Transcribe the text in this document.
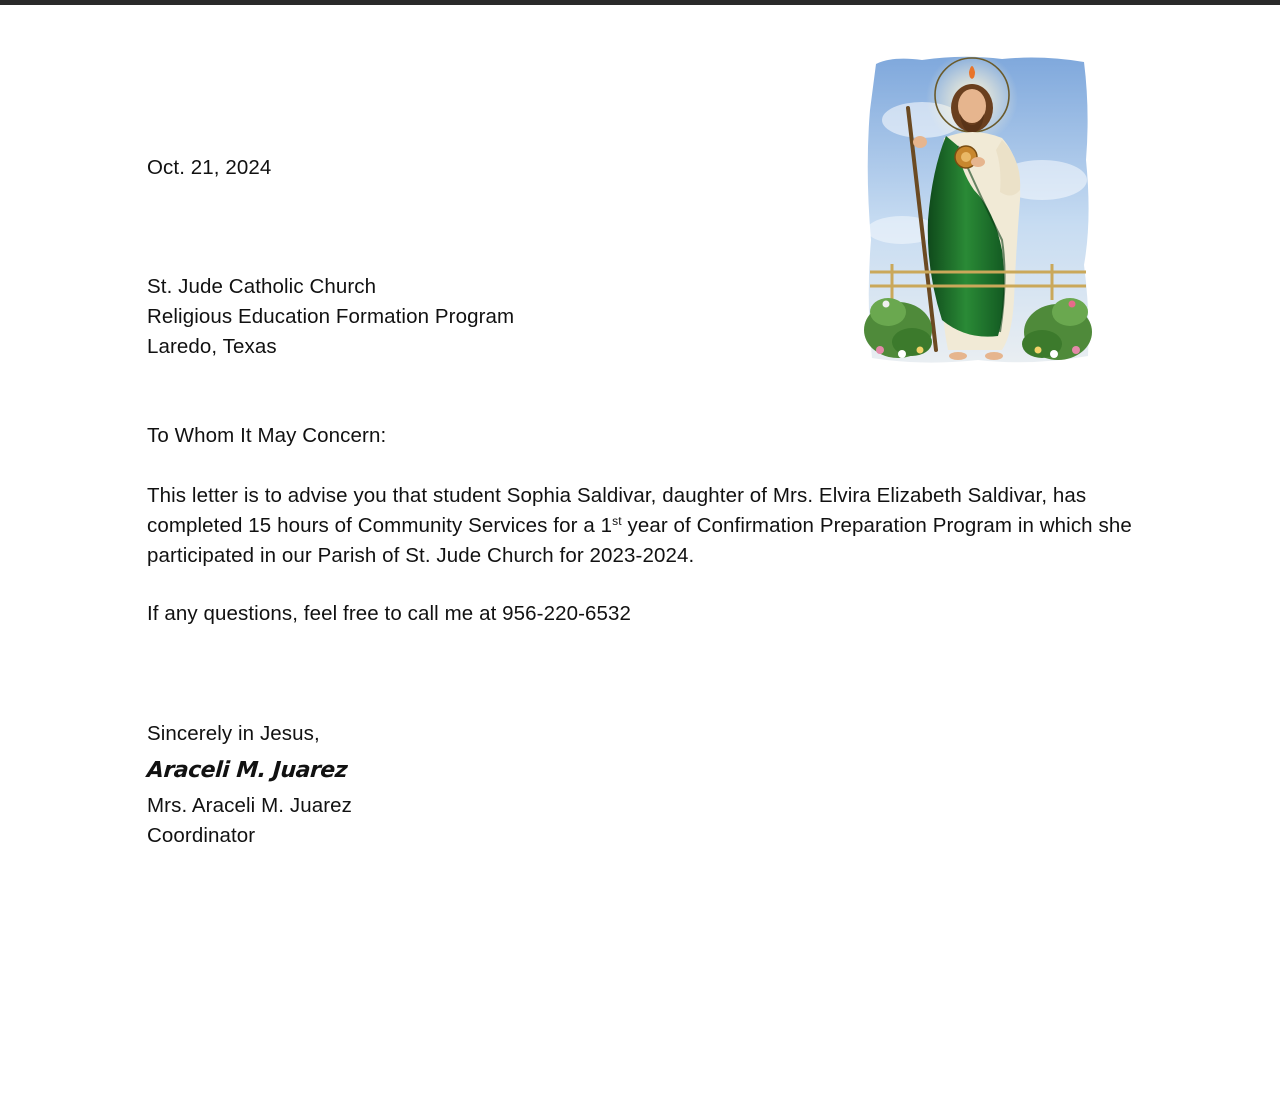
Oct. 21, 2024
St. Jude Catholic Church
Religious Education Formation Program
Laredo, Texas
To Whom It May Concern:
This letter is to advise you that student Sophia Saldivar, daughter of Mrs. Elvira Elizabeth Saldivar, has completed 15 hours of Community Services for a 1st year of Confirmation Preparation Program in which she participated in our Parish of St. Jude Church for 2023-2024.
If any questions, feel free to call me at 956-220-6532
Sincerely in Jesus,
Araceli M. Juarez
Mrs. Araceli M. Juarez
Coordinator
